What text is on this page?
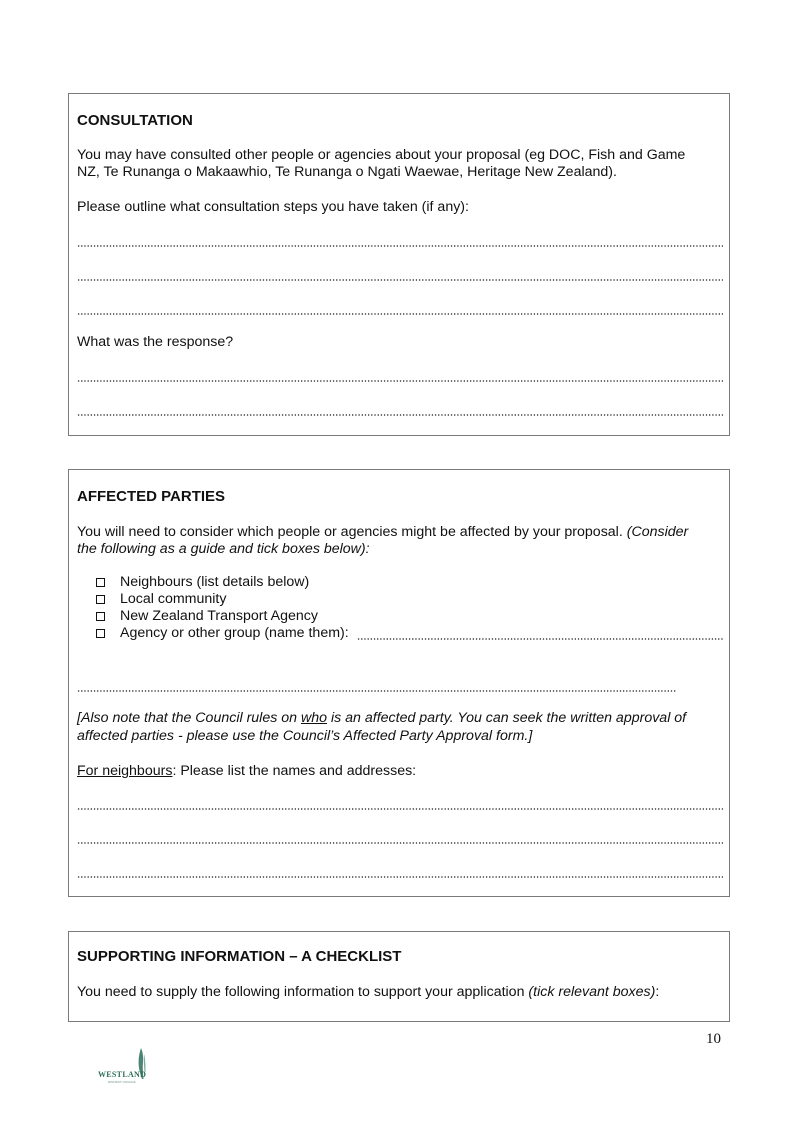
CONSULTATION
You may have consulted other people or agencies about your proposal (eg DOC, Fish and Game
NZ, Te Runanga o Makaawhio, Te Runanga o Ngati Waewae, Heritage New Zealand).
Please outline what consultation steps you have taken (if any):
What was the response?
AFFECTED PARTIES
You will need to consider which people or agencies might be affected by your proposal. (Consider
the following as a guide and tick boxes below):
Neighbours (list details below)
Local community
New Zealand Transport Agency
Agency or other group (name them):
[Also note that the Council rules on who is an affected party. You can seek the written approval of
affected parties - please use the Council’s Affected Party Approval form.]
For neighbours: Please list the names and addresses:
SUPPORTING INFORMATION – A CHECKLIST
You need to supply the following information to support your application (tick relevant boxes):
10
WESTLAND
DISTRICT COUNCIL
